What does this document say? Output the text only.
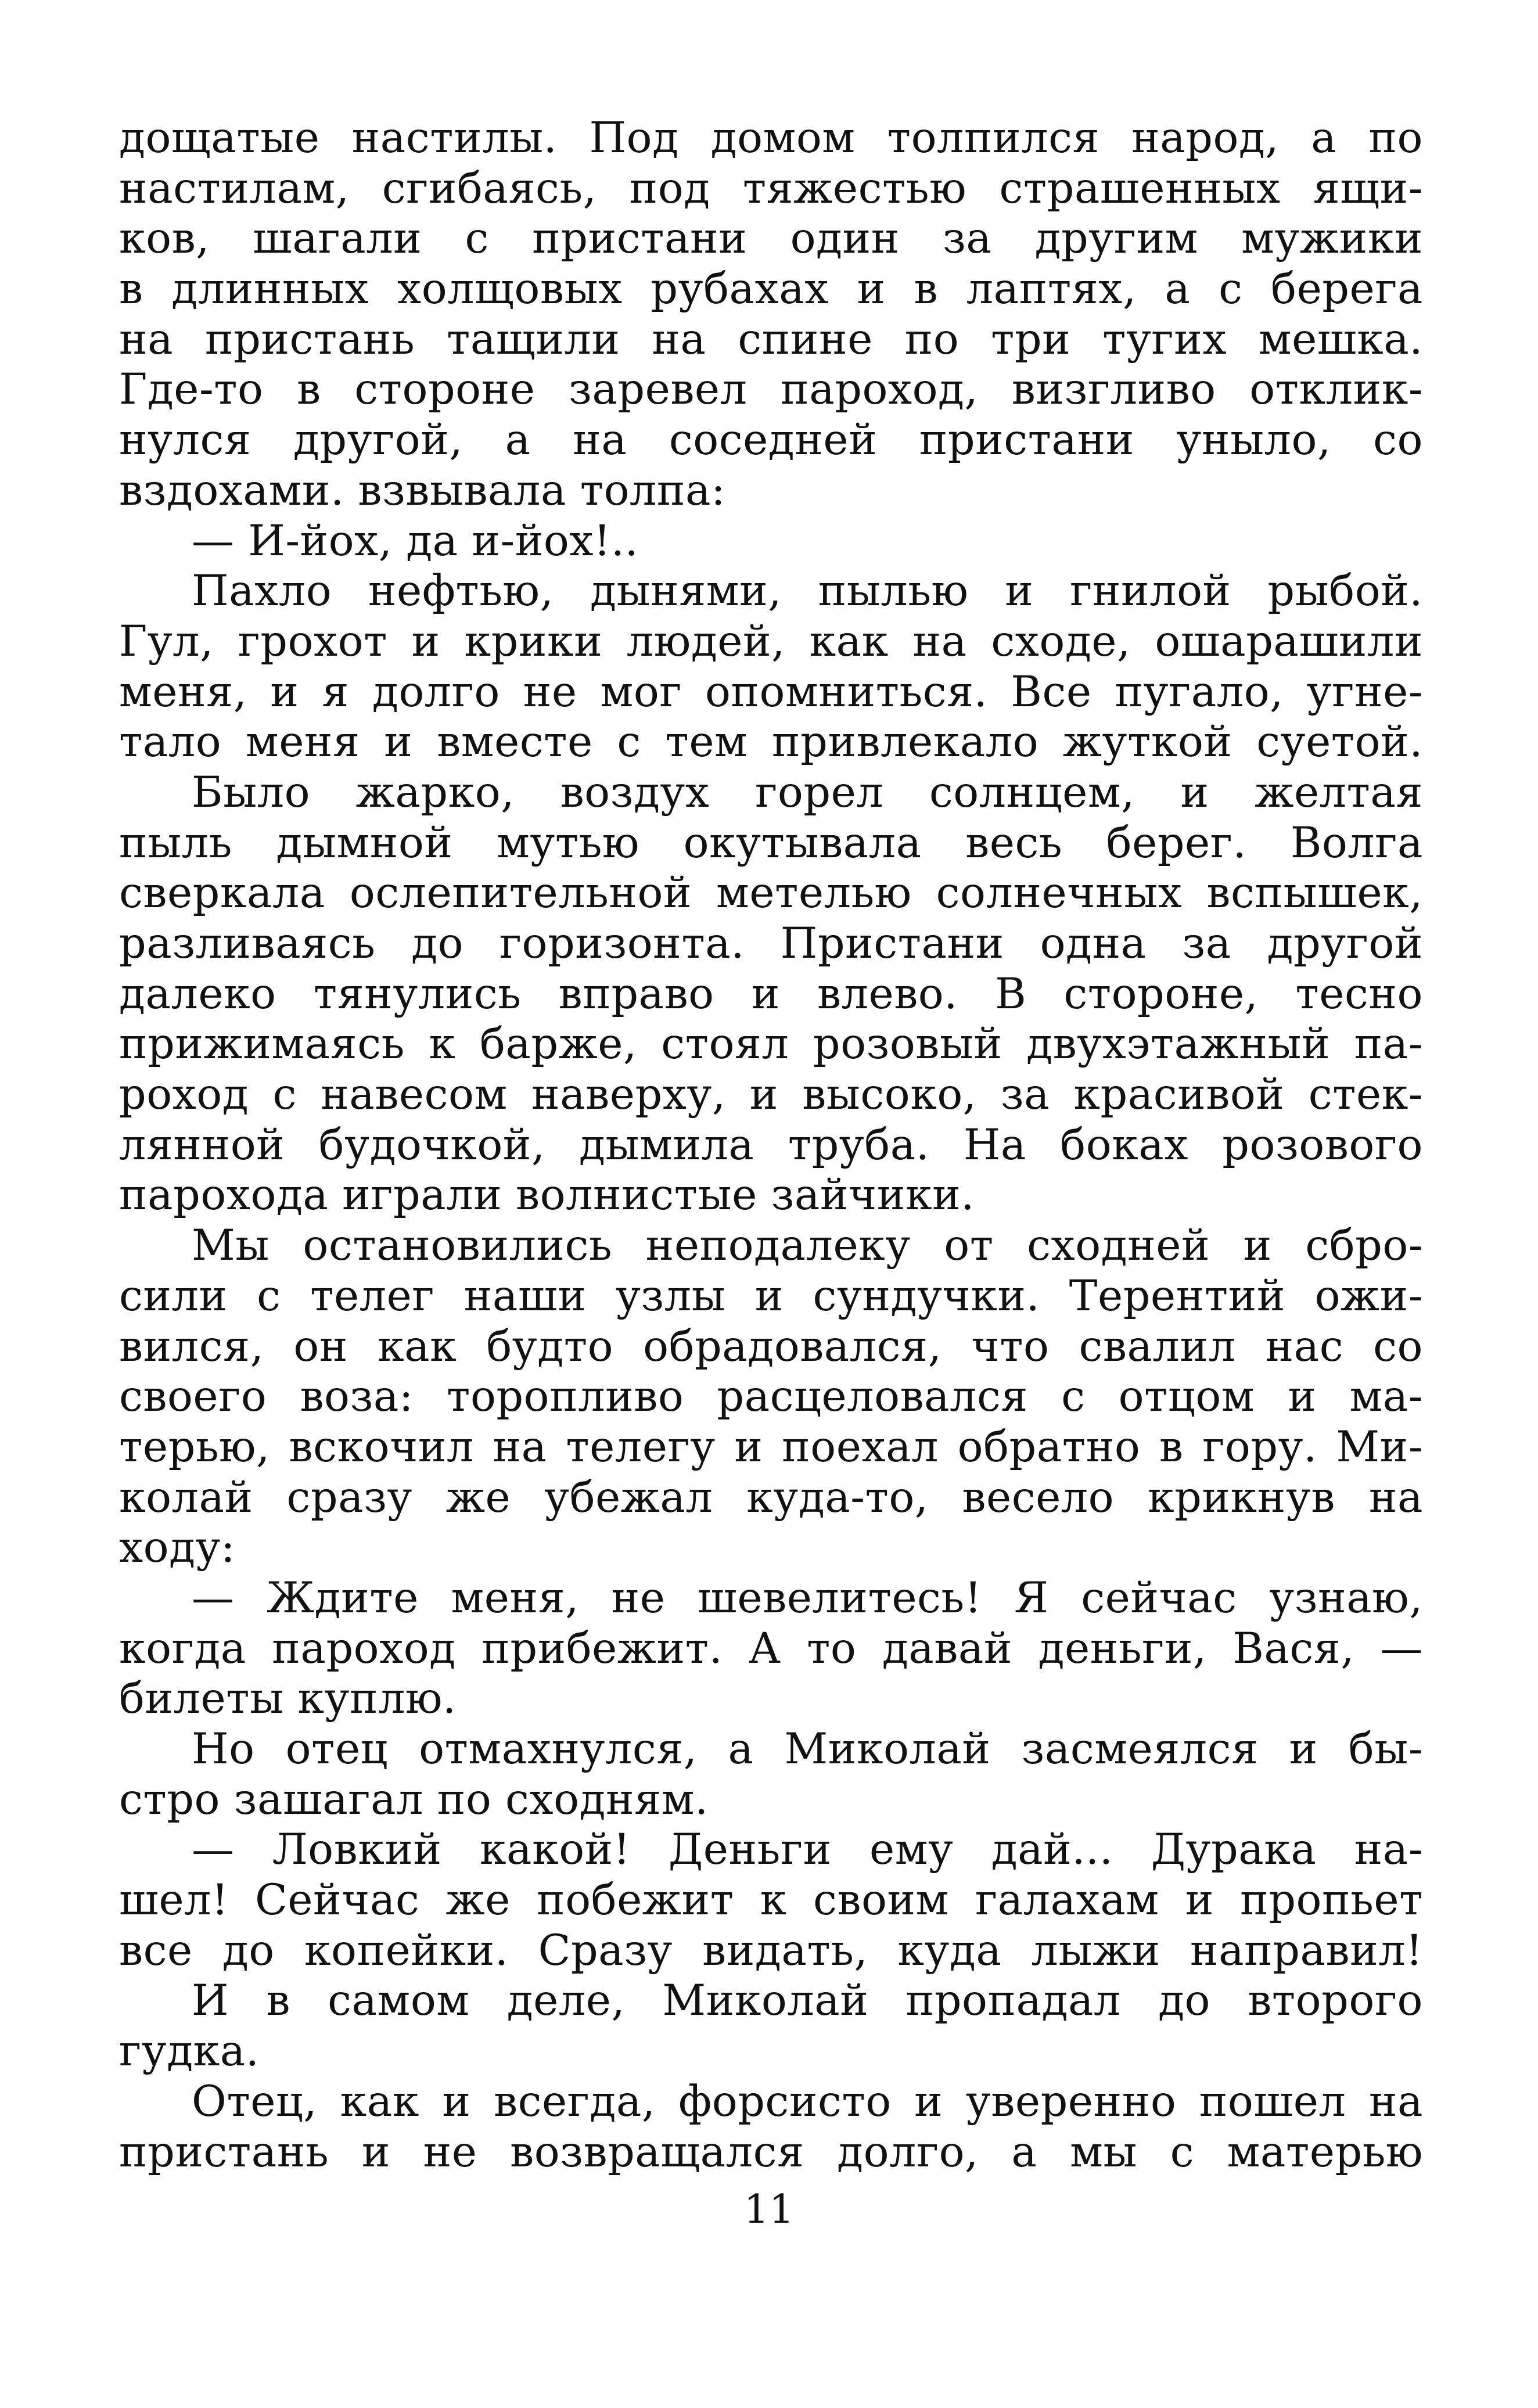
дощатые настилы. Под домом толпился народ, а по
настилам, сгибаясь, под тяжестью страшенных ящи-
ков, шагали с пристани один за другим мужики
в длинных холщовых рубахах и в лаптях, а с берега
на пристань тащили на спине по три тугих мешка.
Где-то в стороне заревел пароход, визгливо отклик-
нулся другой, а на соседней пристани уныло, со
вздохами. взвывала толпа:
— И-йох, да и-йох!..
Пахло нефтью, дынями, пылью и гнилой рыбой.
Гул, грохот и крики людей, как на сходе, ошарашили
меня, и я долго не мог опомниться. Все пугало, угне-
тало меня и вместе с тем привлекало жуткой суетой.
Было жарко, воздух горел солнцем, и желтая
пыль дымной мутью окутывала весь берег. Волга
сверкала ослепительной метелью солнечных вспышек,
разливаясь до горизонта. Пристани одна за другой
далеко тянулись вправо и влево. В стороне, тесно
прижимаясь к барже, стоял розовый двухэтажный па-
роход с навесом наверху, и высоко, за красивой стек-
лянной будочкой, дымила труба. На боках розового
парохода играли волнистые зайчики.
Мы остановились неподалеку от сходней и сбро-
сили с телег наши узлы и сундучки. Терентий ожи-
вился, он как будто обрадовался, что свалил нас со
своего воза: торопливо расцеловался с отцом и ма-
терью, вскочил на телегу и поехал обратно в гору. Ми-
колай сразу же убежал куда-то, весело крикнув на
ходу:
— Ждите меня, не шевелитесь! Я сейчас узнаю,
когда пароход прибежит. А то давай деньги, Вася, —
билеты куплю.
Но отец отмахнулся, а Миколай засмеялся и бы-
стро зашагал по сходням.
— Ловкий какой! Деньги ему дай... Дурака на-
шел! Сейчас же побежит к своим галахам и пропьет
все до копейки. Сразу видать, куда лыжи направил!
И в самом деле, Миколай пропадал до второго
гудка.
Отец, как и всегда, форсисто и уверенно пошел на
пристань и не возвращался долго, а мы с матерью
11
